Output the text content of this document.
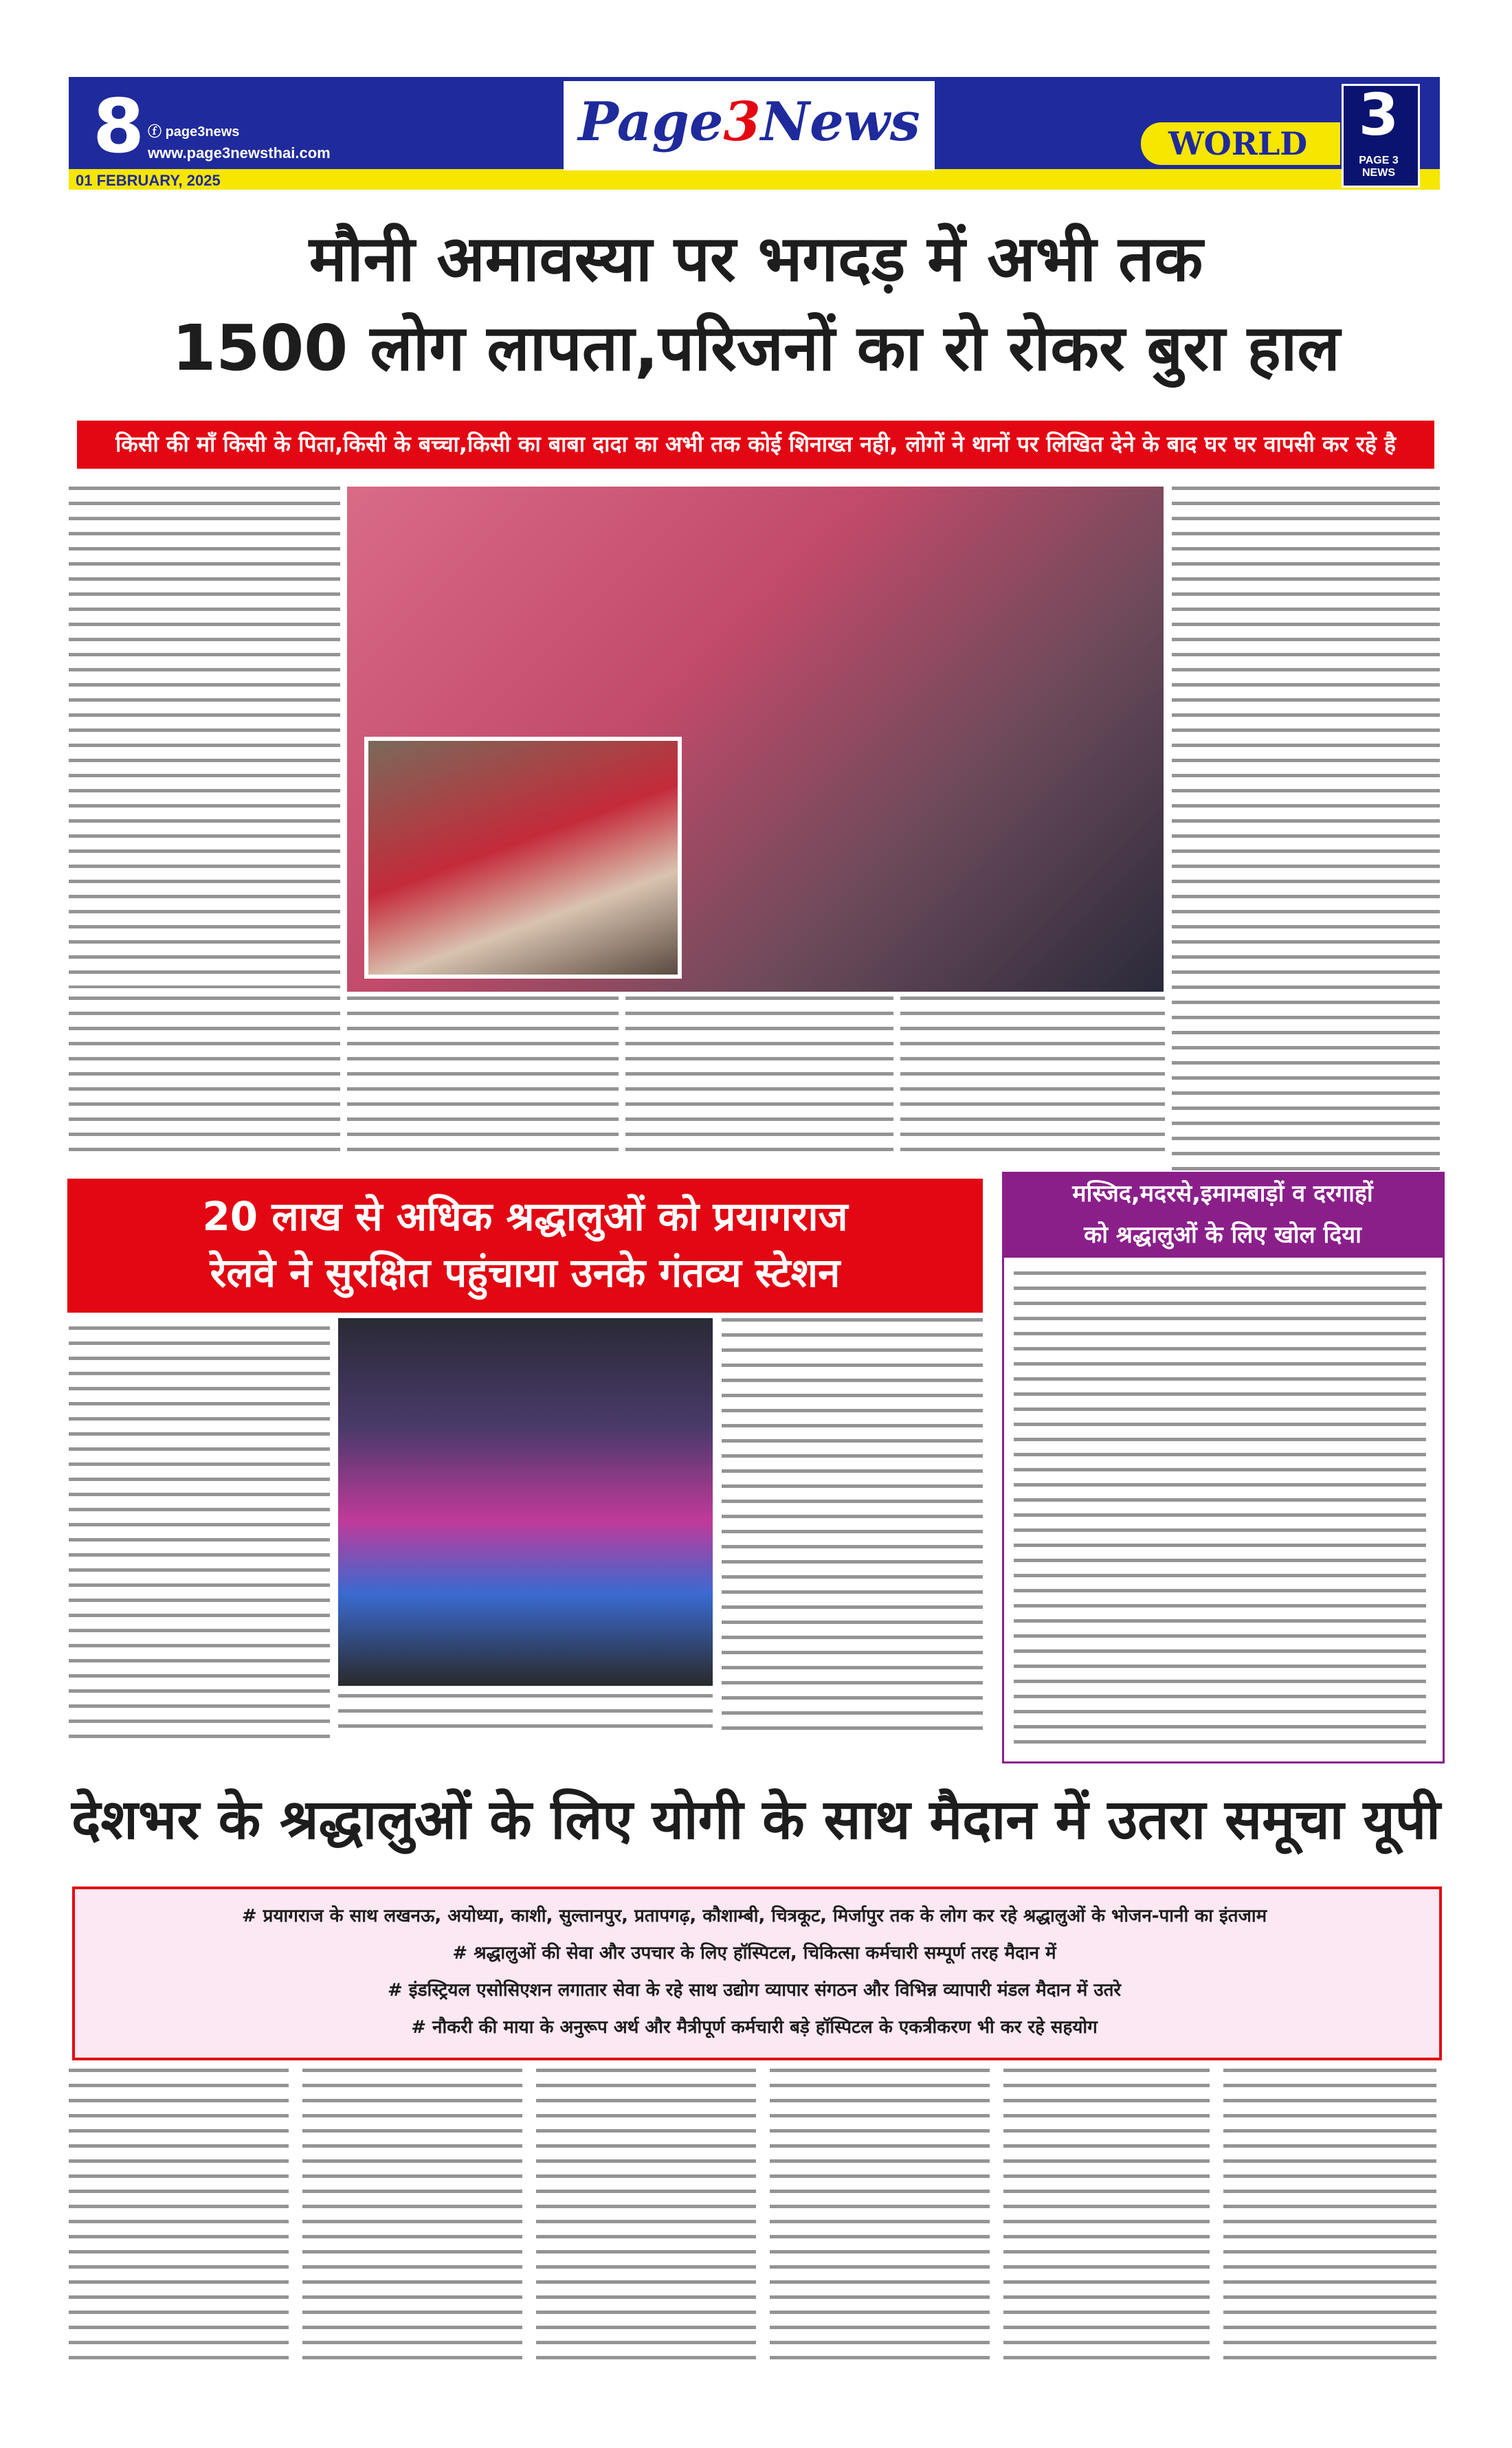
8 ⓕ page3news
www.page3newsthai.com
01 FEBRUARY, 2025
Page3News	WORLD 3
PAGE 3 NEWS
मौनी अमावस्या पर भगदड़ में अभी तक
1500 लोग लापता,परिजनों का रो रोकर बुरा हाल
किसी की माँ किसी के पिता,किसी के बच्चा,किसी का बाबा दादा का अभी तक कोई शिनाख्त नही, लोगों ने थानों पर लिखित देने के बाद घर घर वापसी कर रहे है
20 लाख से अधिक श्रद्धालुओं को प्रयागराज
रेलवे ने सुरक्षित पहुंचाया उनके गंतव्य स्टेशन
मस्जिद,मदरसे,इमामबाड़ों व दरगाहों
को श्रद्धालुओं के लिए खोल दिया
देशभर के श्रद्धालुओं के लिए योगी के साथ मैदान में उतरा समूचा यूपी
# प्रयागराज के साथ लखनऊ, अयोध्या, काशी, सुल्तानपुर, प्रतापगढ़, कौशाम्बी, चित्रकूट, मिर्जापुर तक के लोग कर रहे श्रद्धालुओं के भोजन-पानी का इंतजाम
# श्रद्धालुओं की सेवा और उपचार के लिए हॉस्पिटल, चिकित्सा कर्मचारी सम्पूर्ण तरह मैदान में
# इंडस्ट्रियल एसोसिएशन लगातार सेवा के रहे साथ उद्योग व्यापार संगठन और विभिन्न व्यापारी मंडल मैदान में उतरे
# नौकरी की माया के अनुरूप अर्थ और मैत्रीपूर्ण कर्मचारी बड़े हॉस्पिटल के एकत्रीकरण भी कर रहे सहयोग
